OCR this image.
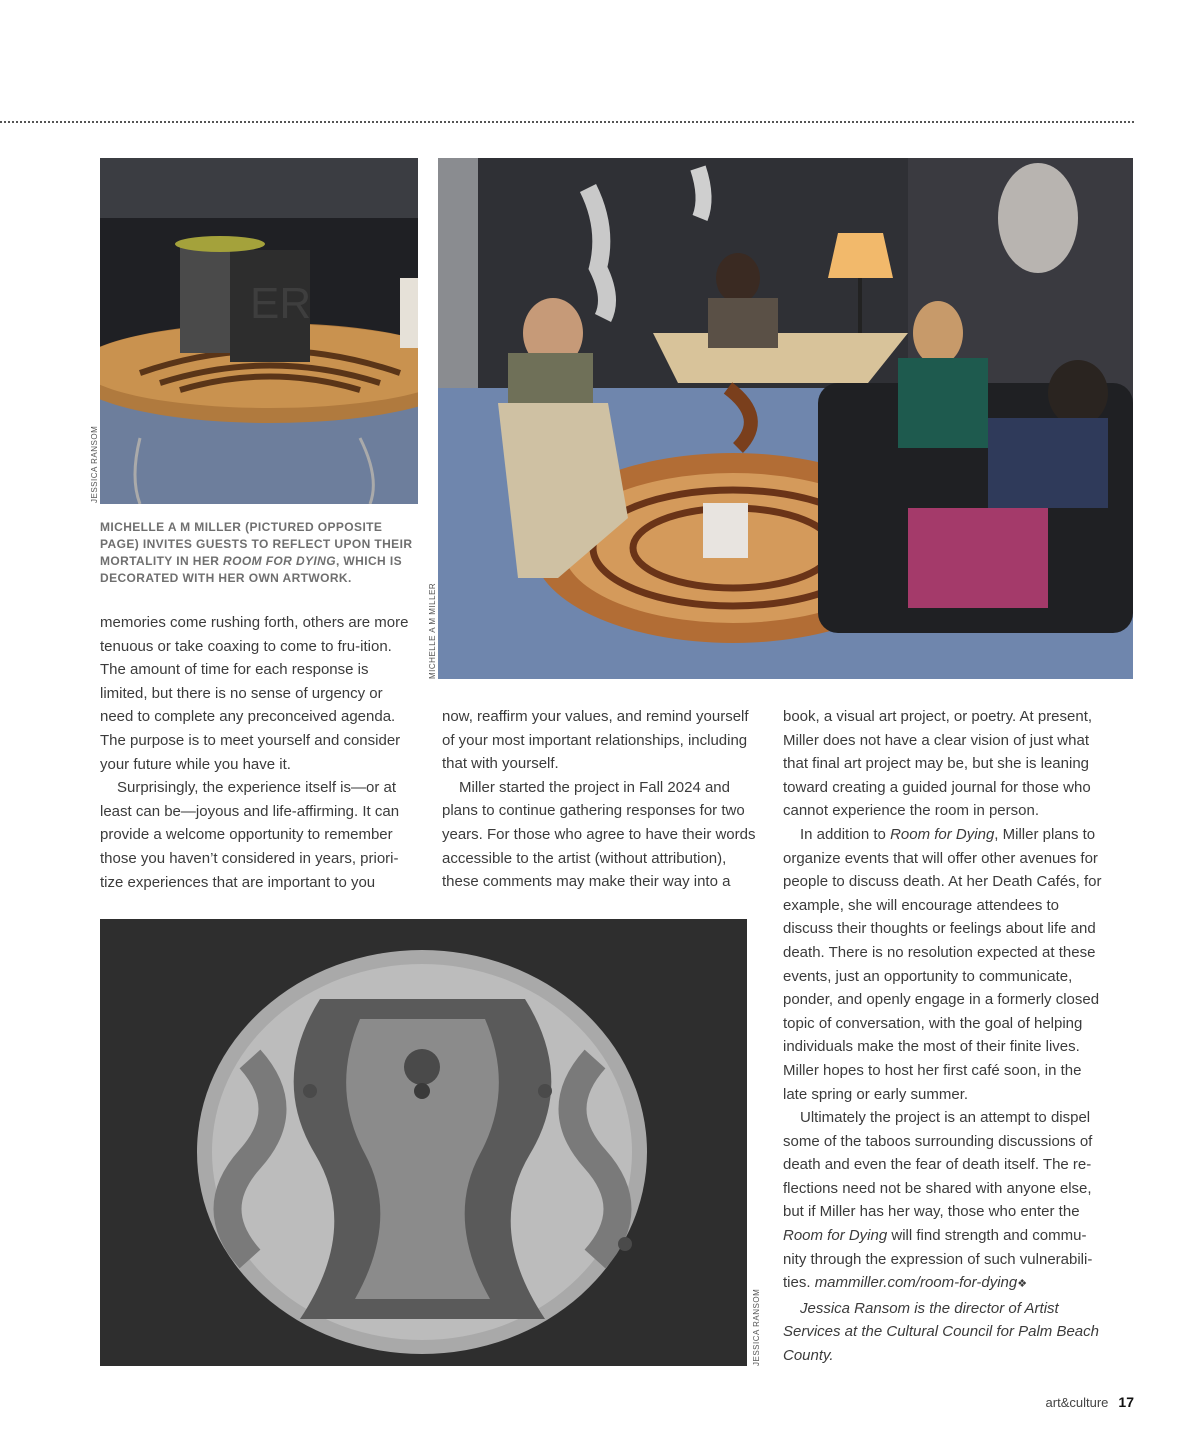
ER
JESSICA RANSOM

MICHELLE A M MILLER (PICTURED OPPOSITE PAGE) INVITES GUESTS TO REFLECT UPON THEIR MORTALITY IN HER ROOM FOR DYING, WHICH IS DECORATED WITH HER OWN ARTWORK.

MICHELLE A M MILLER
JESSICA RANSOM

memories come rushing forth, others are more tenuous or take coaxing to come to fru-ition. The amount of time for each response is limited, but there is no sense of urgency or need to complete any preconceived agenda. The purpose is to meet yourself and consider your future while you have it.

Surprisingly, the experience itself is—or at least can be—joyous and life-affirming. It can provide a welcome opportunity to remember those you haven’t considered in years, priori-tize experiences that are important to you

now, reaffirm your values, and remind yourself of your most important relationships, including that with yourself.

Miller started the project in Fall 2024 and plans to continue gathering responses for two years. For those who agree to have their words accessible to the artist (without attribution), these comments may make their way into a

book, a visual art project, or poetry. At present, Miller does not have a clear vision of just what that final art project may be, but she is leaning toward creating a guided journal for those who cannot experience the room in person.

In addition to Room for Dying, Miller plans to organize events that will offer other avenues for people to discuss death. At her Death Cafés, for example, she will encourage attendees to discuss their thoughts or feelings about life and death. There is no resolution expected at these events, just an opportunity to communicate, ponder, and openly engage in a formerly closed topic of conversation, with the goal of helping individuals make the most of their finite lives. Miller hopes to host her first café soon, in the late spring or early summer.

Ultimately the project is an attempt to dispel some of the taboos surrounding discussions of death and even the fear of death itself. The re-flections need not be shared with anyone else, but if Miller has her way, those who enter the Room for Dying will find strength and commu-nity through the expression of such vulnerabili-ties. mammiller.com/room-for-dying❖

Jessica Ransom is the director of Artist Services at the Cultural Council for Palm Beach County.

art&culture 17
